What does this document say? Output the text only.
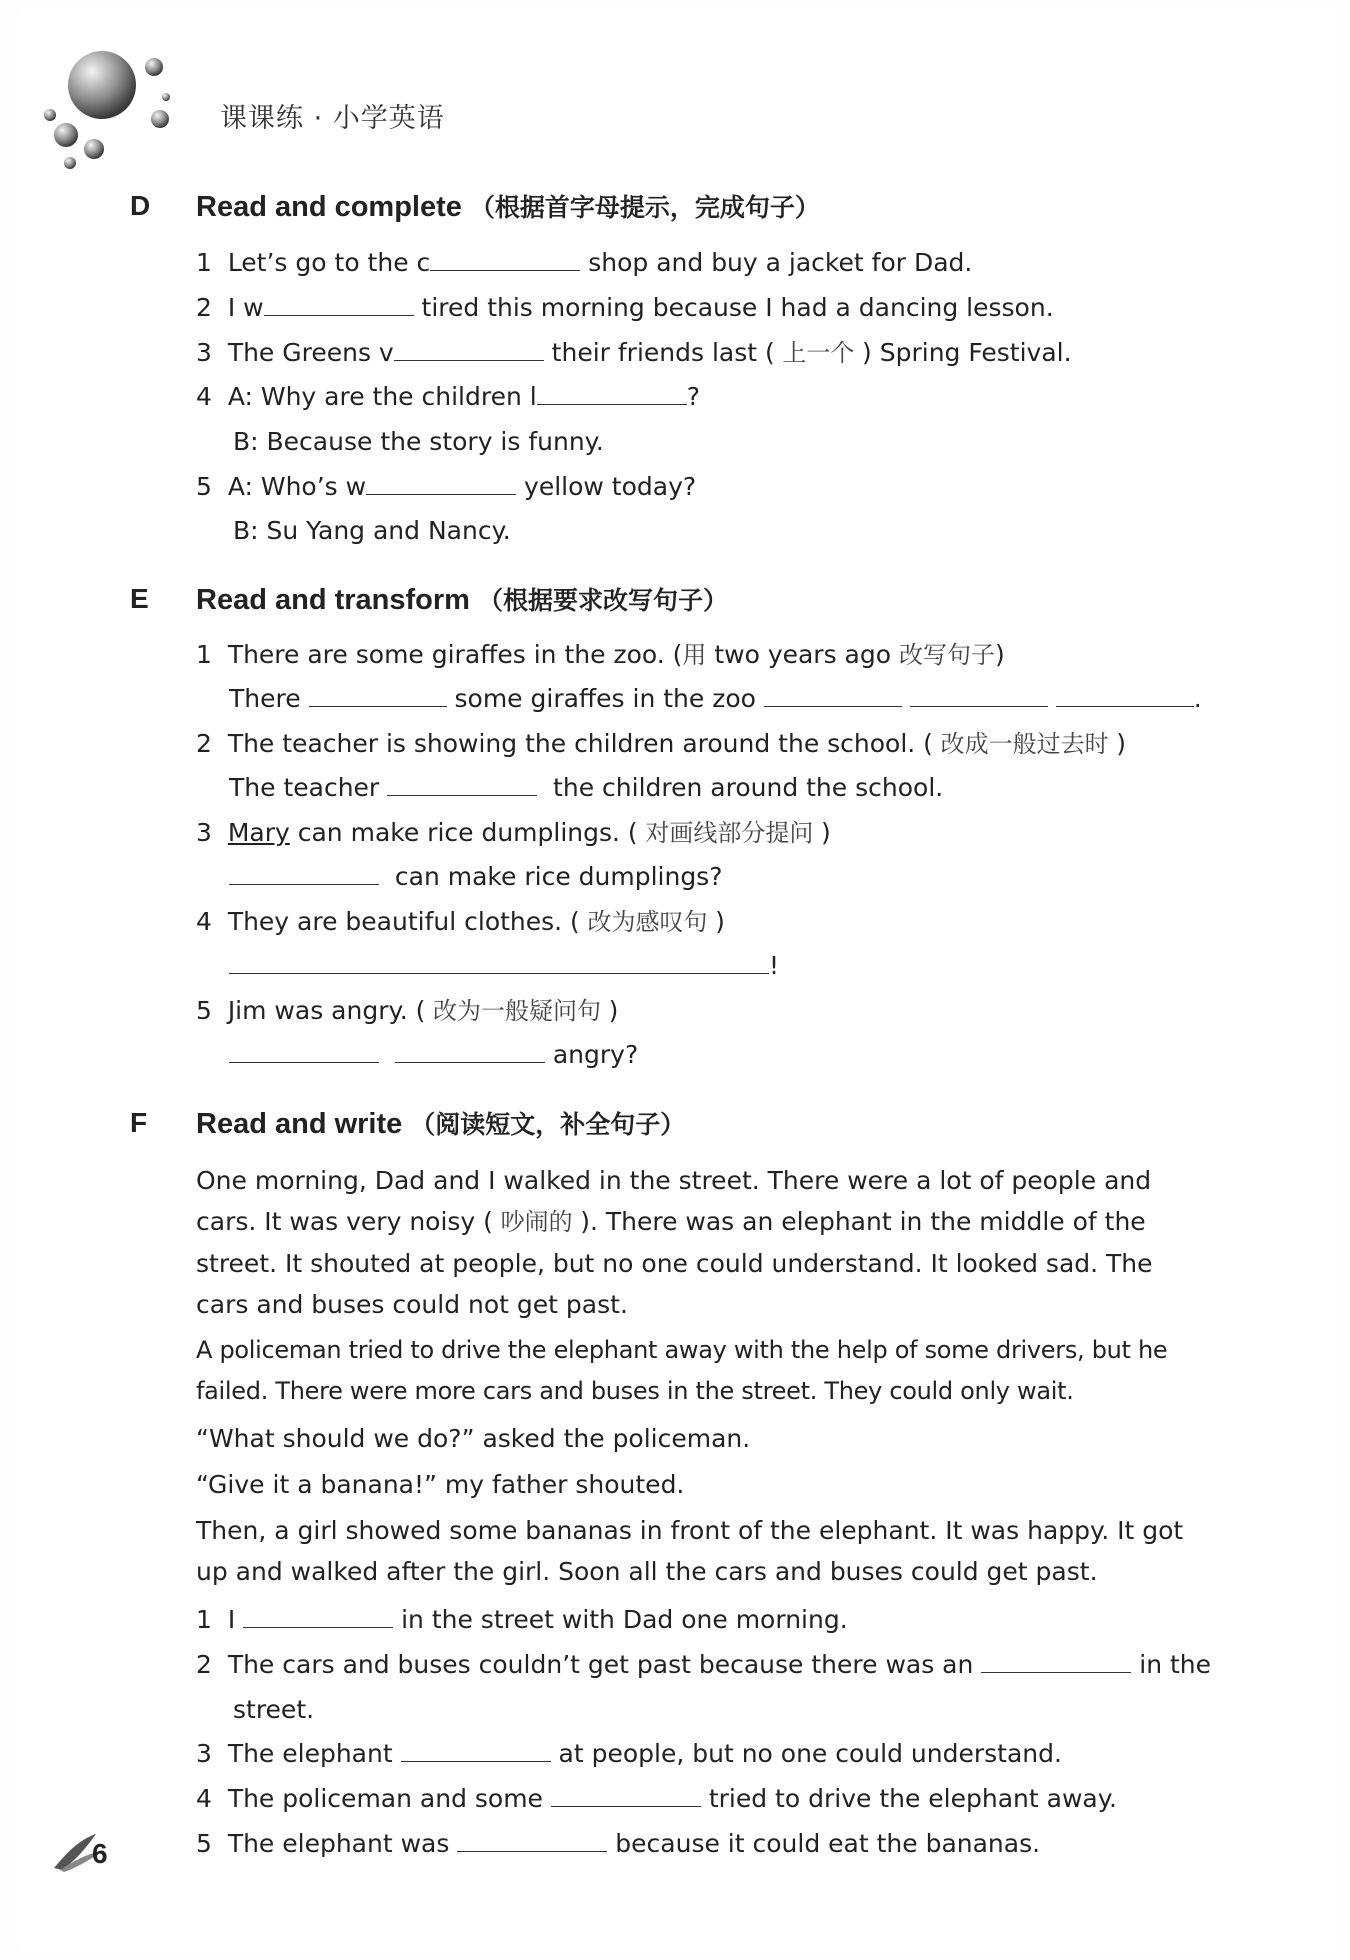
课课练 · 小学英语
D Read and complete （根据首字母提示，完成句子）
1 Let’s go to the c	shop and buy a jacket for Dad.
2 I w	tired this morning because I had a dancing lesson.
3 The Greens v	their friends last ( 上一个 ) Spring Festival.
4 A: Why are the children l	?
B: Because the story is funny.
5 A: Who’s w	yellow today?
B: Su Yang and Nancy.
E Read and transform （根据要求改写句子）
1 There are some giraffes in the zoo. (用 two years ago 改写句子)
There	some giraffes in the zoo	.
2 The teacher is showing the children around the school. ( 改成一般过去时 )
The teacher	the children around the school.
3 Mary can make rice dumplings. ( 对画线部分提问 )
can make rice dumplings?
4 They are beautiful clothes. ( 改为感叹句 )
!
5 Jim was angry. ( 改为一般疑问句 )
angry?
F Read and write （阅读短文，补全句子）
One morning, Dad and I walked in the street. There were a lot of people and cars. It was very noisy ( 吵闹的 ). There was an elephant in the middle of the street. It shouted at people, but no one could understand. It looked sad. The cars and buses could not get past.
A policeman tried to drive the elephant away with the help of some drivers, but he failed. There were more cars and buses in the street. They could only wait.
“What should we do?” asked the policeman.
“Give it a banana!” my father shouted.
Then, a girl showed some bananas in front of the elephant. It was happy. It got up and walked after the girl. Soon all the cars and buses could get past.
1 I	in the street with Dad one morning.
2 The cars and buses couldn’t get past because there was an	in the
street.
3 The elephant	at people, but no one could understand.
4 The policeman and some	tried to drive the elephant away.
5 The elephant was	because it could eat the bananas.
6
